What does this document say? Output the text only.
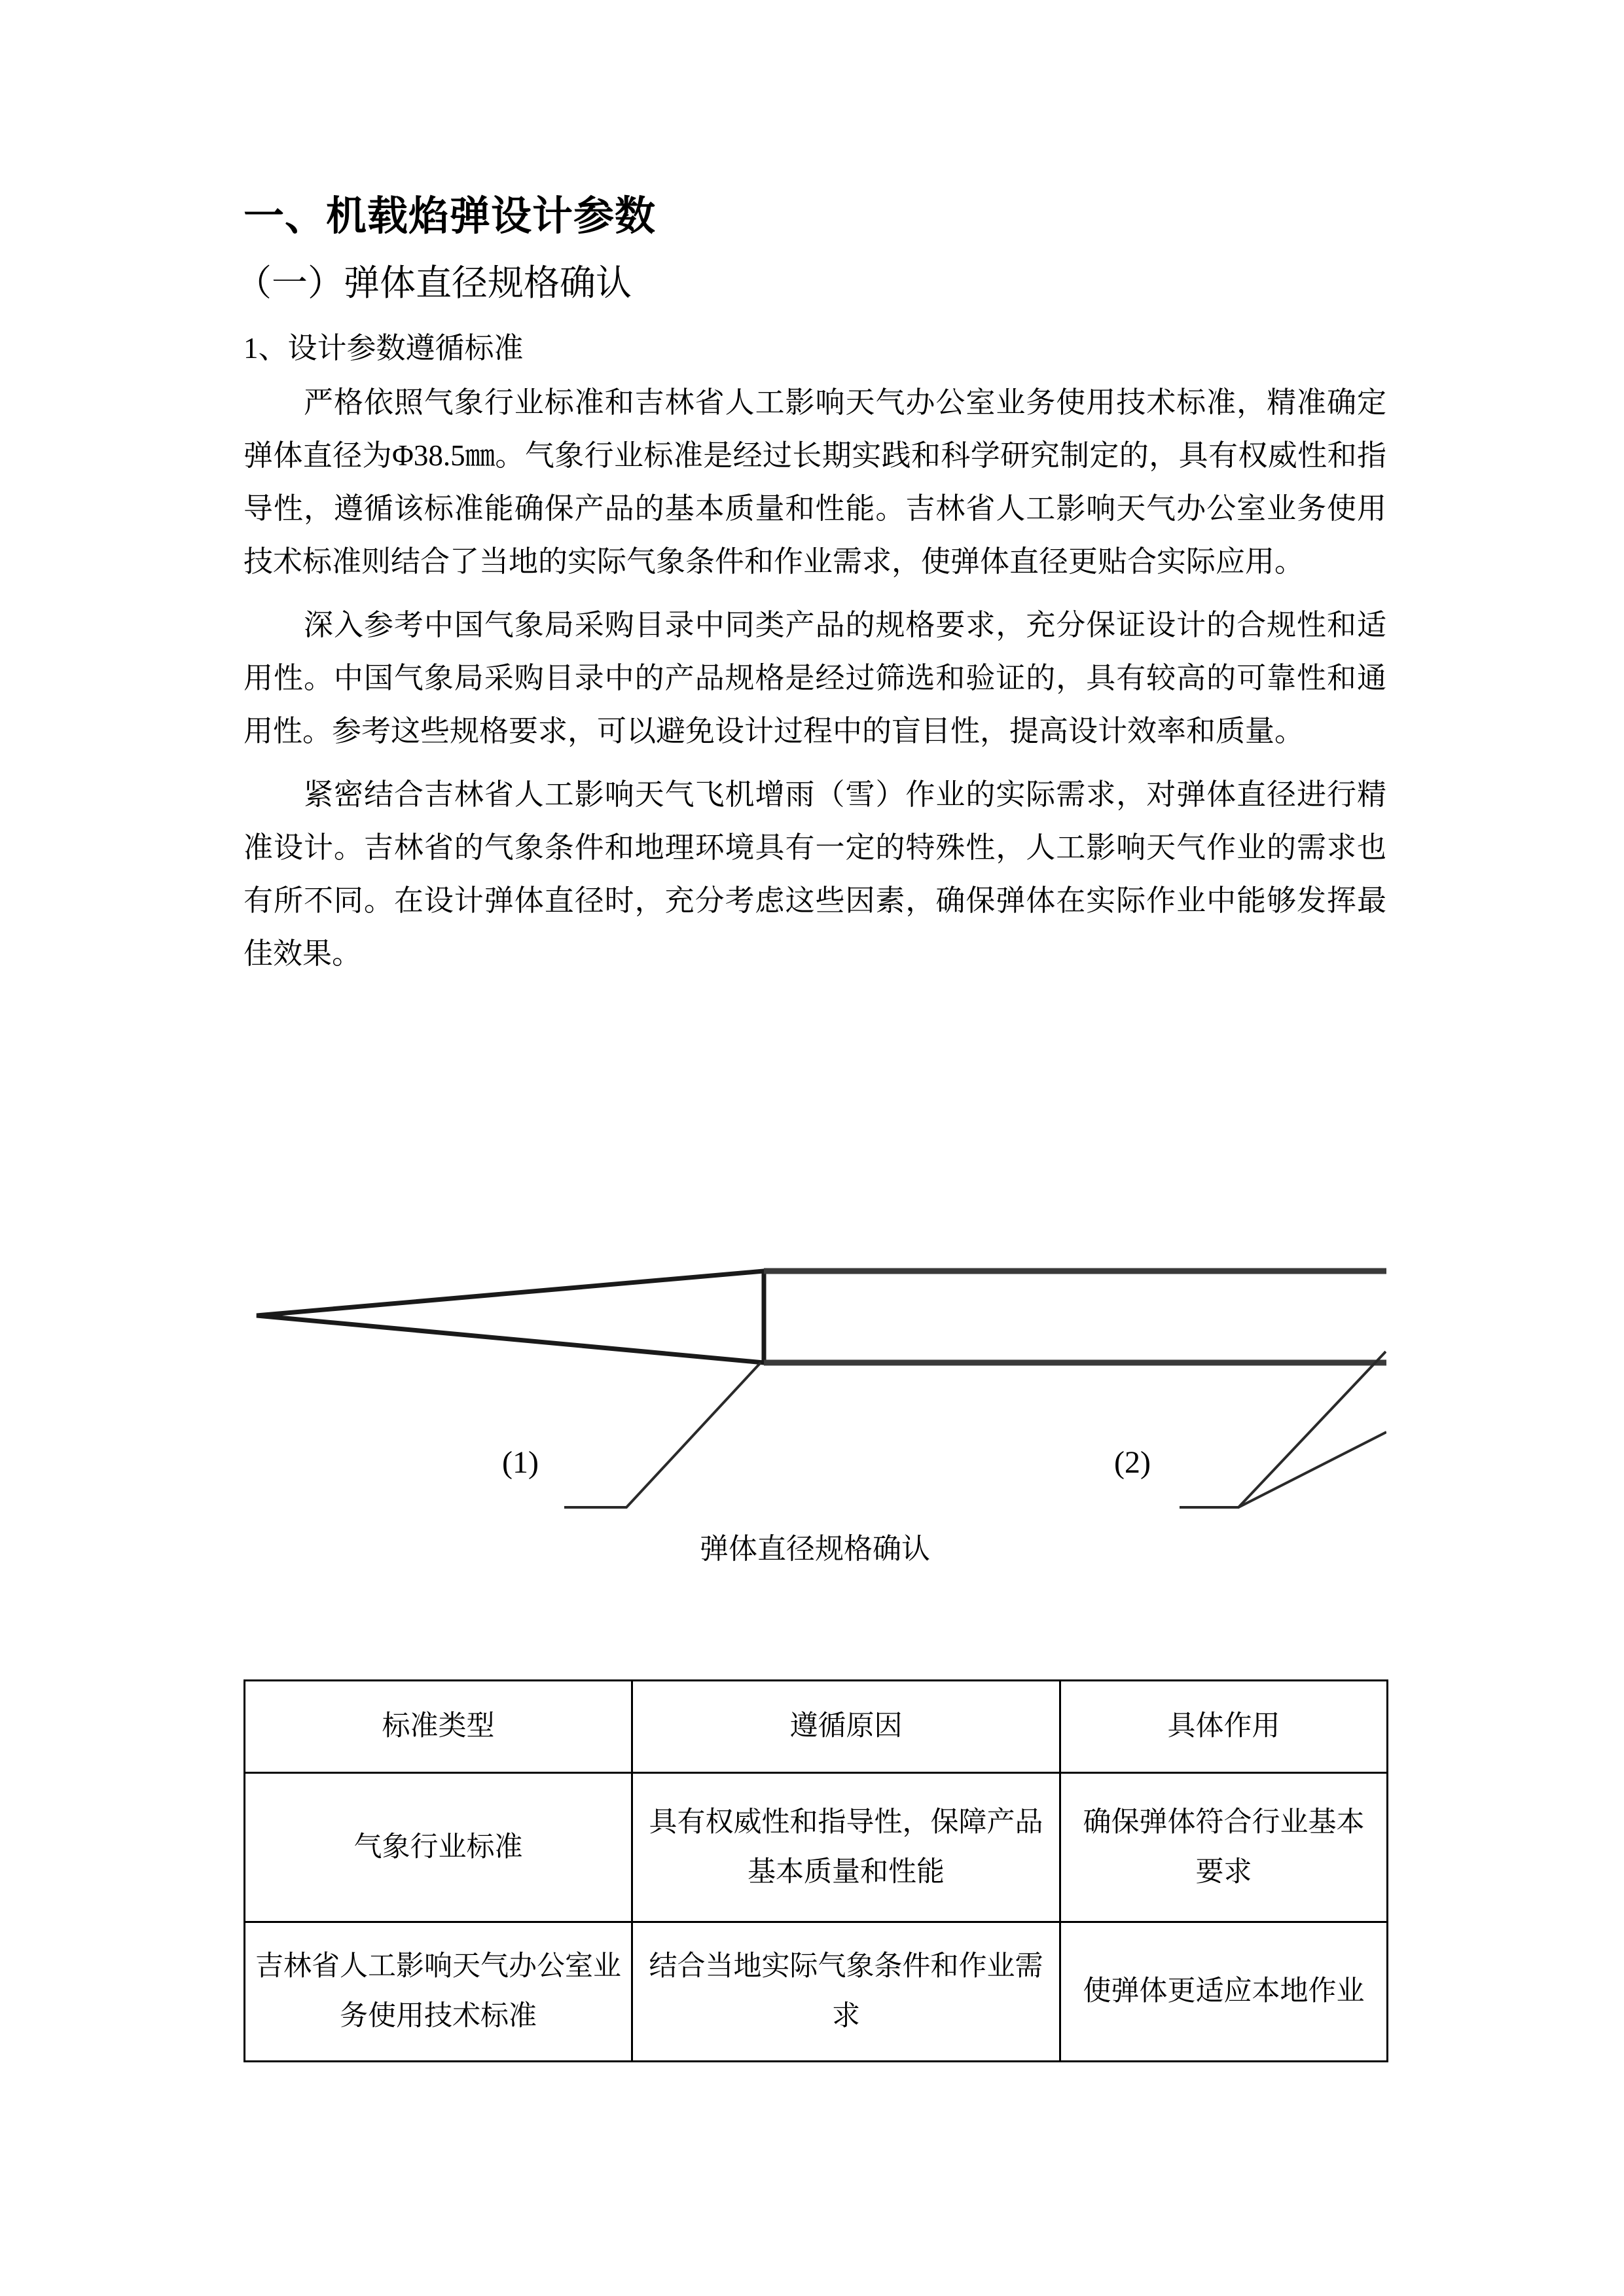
一、机载焰弹设计参数
（一）弹体直径规格确认
1、设计参数遵循标准

严格依照气象行业标准和吉林省人工影响天气办公室业务使用技术标准，精准确定弹体直径为Φ38.5㎜。气象行业标准是经过长期实践和科学研究制定的，具有权威性和指导性，遵循该标准能确保产品的基本质量和性能。吉林省人工影响天气办公室业务使用技术标准则结合了当地的实际气象条件和作业需求，使弹体直径更贴合实际应用。

深入参考中国气象局采购目录中同类产品的规格要求，充分保证设计的合规性和适用性。中国气象局采购目录中的产品规格是经过筛选和验证的，具有较高的可靠性和通用性。参考这些规格要求，可以避免设计过程中的盲目性，提高设计效率和质量。

紧密结合吉林省人工影响天气飞机增雨（雪）作业的实际需求，对弹体直径进行精准设计。吉林省的气象条件和地理环境具有一定的特殊性，人工影响天气作业的需求也有所不同。在设计弹体直径时，充分考虑这些因素，确保弹体在实际作业中能够发挥最佳效果。

(1)	(2)
弹体直径规格确认
标准类型	遵循原因	具体作用
气象行业标准	具有权威性和指导性，保障产品基本质量和性能	确保弹体符合行业基本要求
吉林省人工影响天气办公室业务使用技术标准	结合当地实际气象条件和作业需求	使弹体更适应本地作业
